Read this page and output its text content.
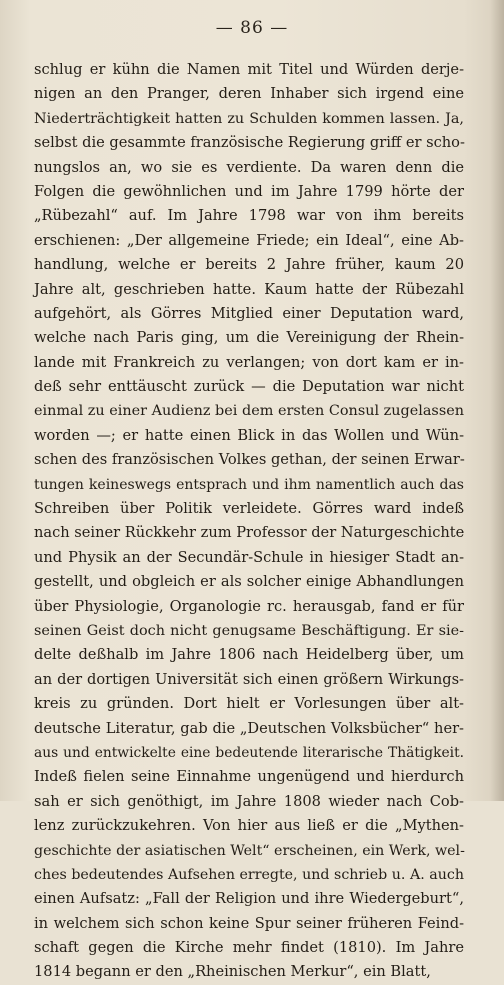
— 86 —
schlug er kühn die Namen mit Titel und Würden derje-
nigen an den Pranger, deren Inhaber sich irgend eine
Niederträchtigkeit hatten zu Schulden kommen lassen. Ja,
selbst die gesammte französische Regierung griff er scho-
nungslos an, wo sie es verdiente. Da waren denn die
Folgen die gewöhnlichen und im Jahre 1799 hörte der
„Rübezahl“ auf. Im Jahre 1798 war von ihm bereits
erschienen: „Der allgemeine Friede; ein Ideal“, eine Ab-
handlung, welche er bereits 2 Jahre früher, kaum 20
Jahre alt, geschrieben hatte. Kaum hatte der Rübezahl
aufgehört, als Görres Mitglied einer Deputation ward,
welche nach Paris ging, um die Vereinigung der Rhein-
lande mit Frankreich zu verlangen; von dort kam er in-
deß sehr enttäuscht zurück — die Deputation war nicht
einmal zu einer Audienz bei dem ersten Consul zugelassen
worden —; er hatte einen Blick in das Wollen und Wün-
schen des französischen Volkes gethan, der seinen Erwar-
tungen keineswegs entsprach und ihm namentlich auch das
Schreiben über Politik verleidete. Görres ward indeß
nach seiner Rückkehr zum Professor der Naturgeschichte
und Physik an der Secundär-Schule in hiesiger Stadt an-
gestellt, und obgleich er als solcher einige Abhandlungen
über Physiologie, Organologie rc. herausgab, fand er für
seinen Geist doch nicht genugsame Beschäftigung. Er sie-
delte deßhalb im Jahre 1806 nach Heidelberg über, um
an der dortigen Universität sich einen größern Wirkungs-
kreis zu gründen. Dort hielt er Vorlesungen über alt-
deutsche Literatur, gab die „Deutschen Volksbücher“ her-
aus und entwickelte eine bedeutende literarische Thätigkeit.
Indeß fielen seine Einnahme ungenügend und hierdurch
sah er sich genöthigt, im Jahre 1808 wieder nach Cob-
lenz zurückzukehren. Von hier aus ließ er die „Mythen-
geschichte der asiatischen Welt“ erscheinen, ein Werk, wel-
ches bedeutendes Aufsehen erregte, und schrieb u. A. auch
einen Aufsatz: „Fall der Religion und ihre Wiedergeburt“,
in welchem sich schon keine Spur seiner früheren Feind-
schaft gegen die Kirche mehr findet (1810). Im Jahre
1814 begann er den „Rheinischen Merkur“, ein Blatt,
